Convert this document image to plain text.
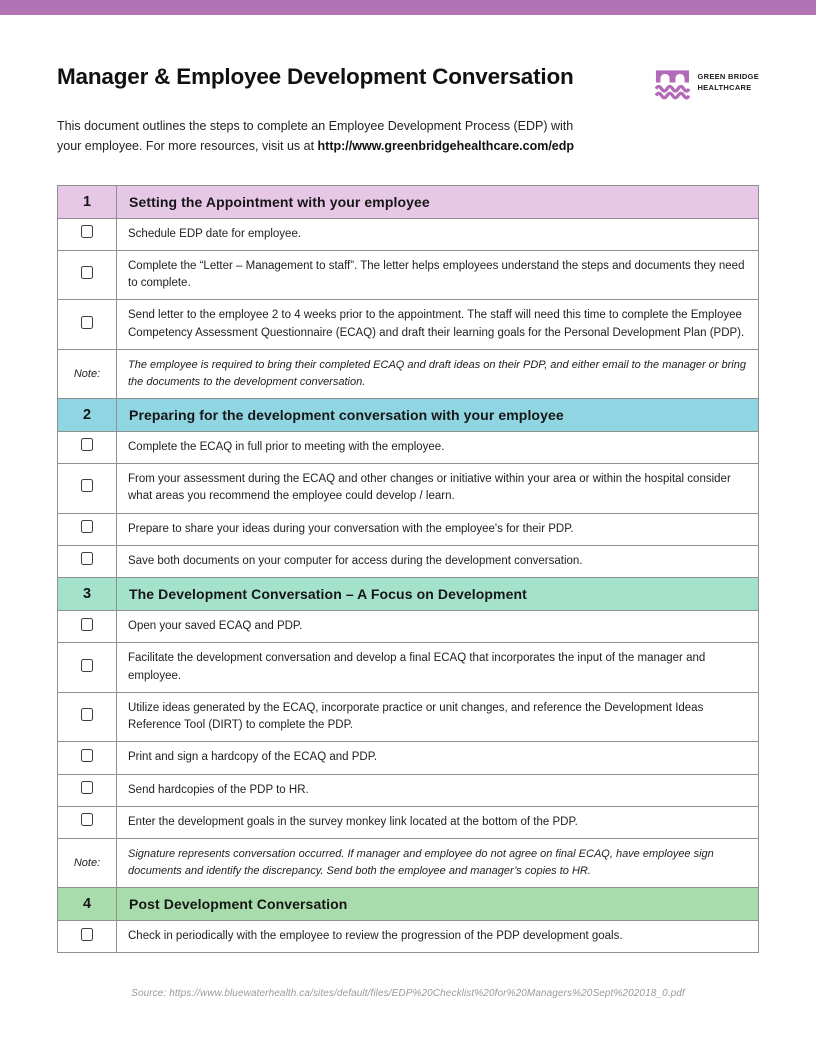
Manager & Employee Development Conversation	GREEN BRIDGE
HEALTHCARE

This document outlines the steps to complete an Employee Development Process (EDP) with
your employee. For more resources, visit us at http://www.greenbridgehealthcare.com/edp

1	Setting the Appointment with your employee
	Schedule EDP date for employee.
	Complete the “Letter – Management to staff”. The letter helps employees understand the steps and documents they need to complete.
	Send letter to the employee 2 to 4 weeks prior to the appointment. The staff will need this time to complete the Employee Competency Assessment Questionnaire (ECAQ) and draft their learning goals for the Personal Development Plan (PDP).
Note:	The employee is required to bring their completed ECAQ and draft ideas on their PDP, and either email to the manager or bring the documents to the development conversation.
2	Preparing for the development conversation with your employee
	Complete the ECAQ in full prior to meeting with the employee.
	From your assessment during the ECAQ and other changes or initiative within your area or within the hospital consider what areas you recommend the employee could develop / learn.
	Prepare to share your ideas during your conversation with the employee's for their PDP.
	Save both documents on your computer for access during the development conversation.
3	The Development Conversation – A Focus on Development
	Open your saved ECAQ and PDP.
	Facilitate the development conversation and develop a final ECAQ that incorporates the input of the manager and employee.
	Utilize ideas generated by the ECAQ, incorporate practice or unit changes, and reference the Development Ideas Reference Tool (DIRT) to complete the PDP.
	Print and sign a hardcopy of the ECAQ and PDP.
	Send hardcopies of the PDP to HR.
	Enter the development goals in the survey monkey link located at the bottom of the PDP.
Note:	Signature represents conversation occurred. If manager and employee do not agree on final ECAQ, have employee sign documents and identify the discrepancy. Send both the employee and manager’s copies to HR.
4	Post Development Conversation
	Check in periodically with the employee to review the progression of the PDP development goals.
Source: https://www.bluewaterhealth.ca/sites/default/files/EDP%20Checklist%20for%20Managers%20Sept%202018_0.pdf
